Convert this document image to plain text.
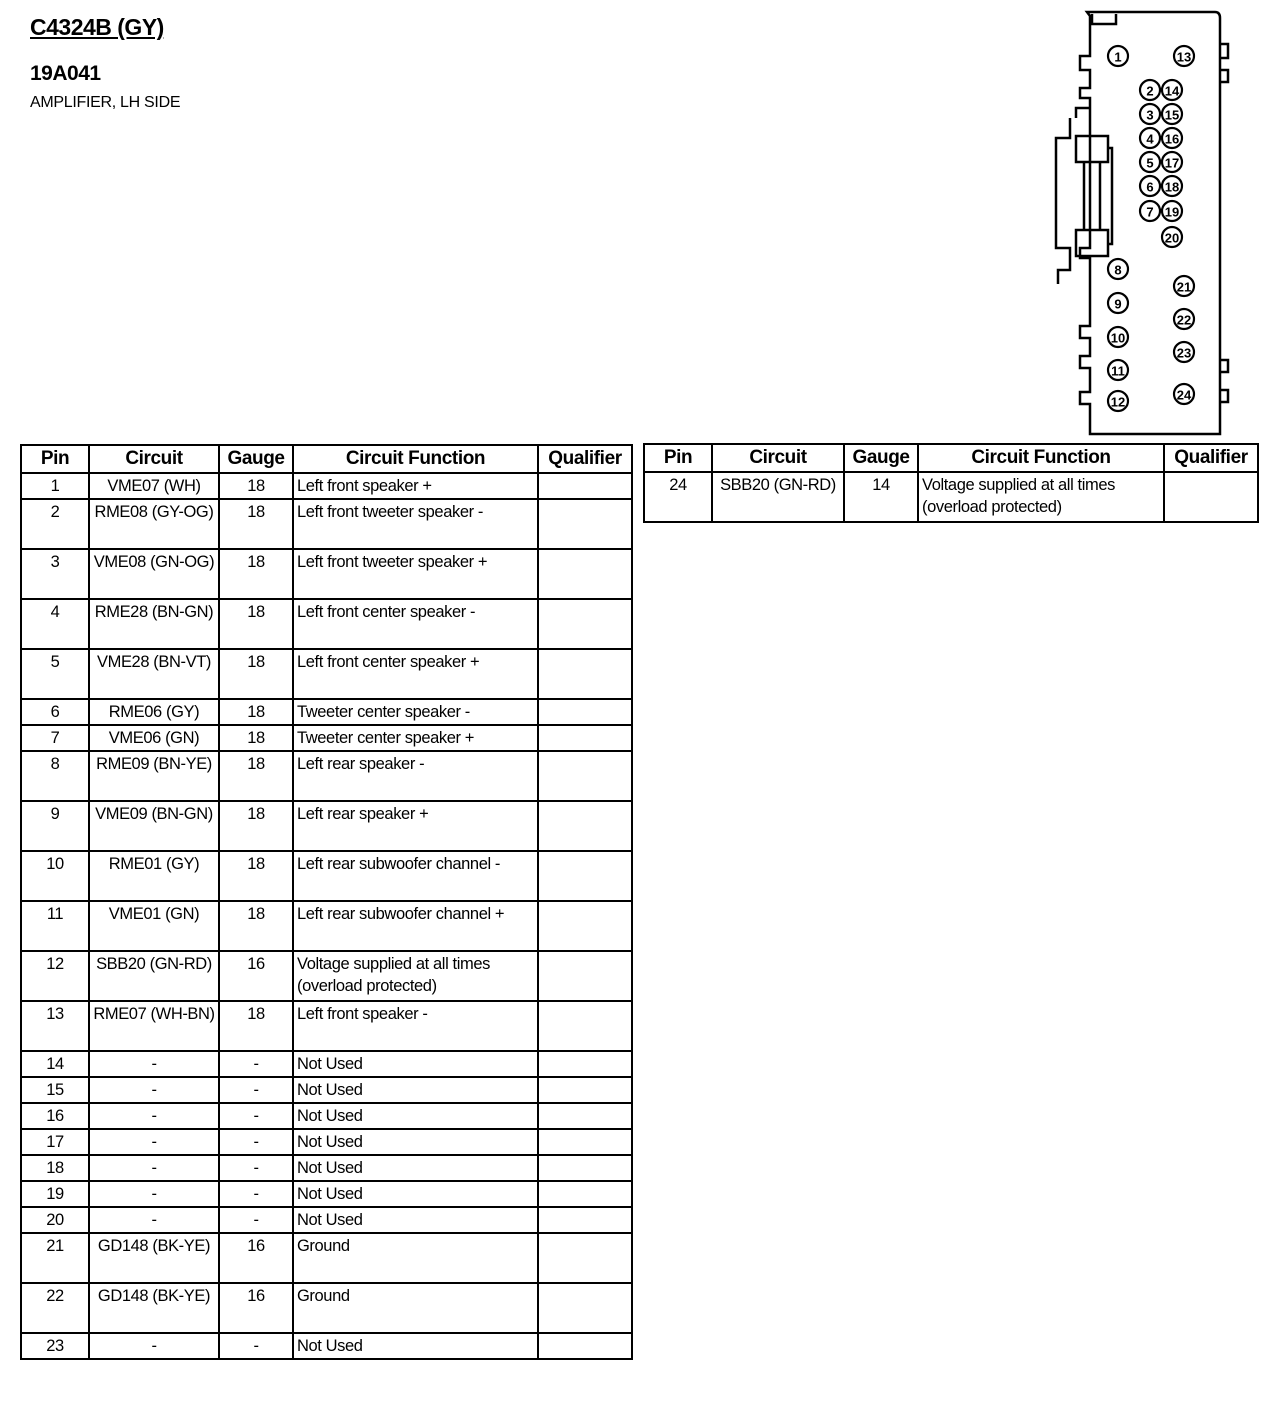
C4324B (GY)
19A041
AMPLIFIER, LH SIDE
1
2
3
4
5
6
7
8
9
10
11
12
13
14
15
16
17
18
19
20
21
22
23
24
Pin	Circuit	Gauge	Circuit Function	Qualifier
1	VME07 (WH)	18	Left front speaker +	
2	RME08 (GY-OG)	18	Left front tweeter speaker -	
3	VME08 (GN-OG)	18	Left front tweeter speaker +	
4	RME28 (BN-GN)	18	Left front center speaker -	
5	VME28 (BN-VT)	18	Left front center speaker +	
6	RME06 (GY)	18	Tweeter center speaker -	
7	VME06 (GN)	18	Tweeter center speaker +	
8	RME09 (BN-YE)	18	Left rear speaker -	
9	VME09 (BN-GN)	18	Left rear speaker +	
10	RME01 (GY)	18	Left rear subwoofer channel -	
11	VME01 (GN)	18	Left rear subwoofer channel +	
12	SBB20 (GN-RD)	16	Voltage supplied at all times (overload protected)	
13	RME07 (WH-BN)	18	Left front speaker -	
14	-	-	Not Used	
15	-	-	Not Used	
16	-	-	Not Used	
17	-	-	Not Used	
18	-	-	Not Used	
19	-	-	Not Used	
20	-	-	Not Used	
21	GD148 (BK-YE)	16	Ground	
22	GD148 (BK-YE)	16	Ground	
23	-	-	Not Used	
Pin	Circuit	Gauge	Circuit Function	Qualifier
24	SBB20 (GN-RD)	14	Voltage supplied at all times (overload protected)	
